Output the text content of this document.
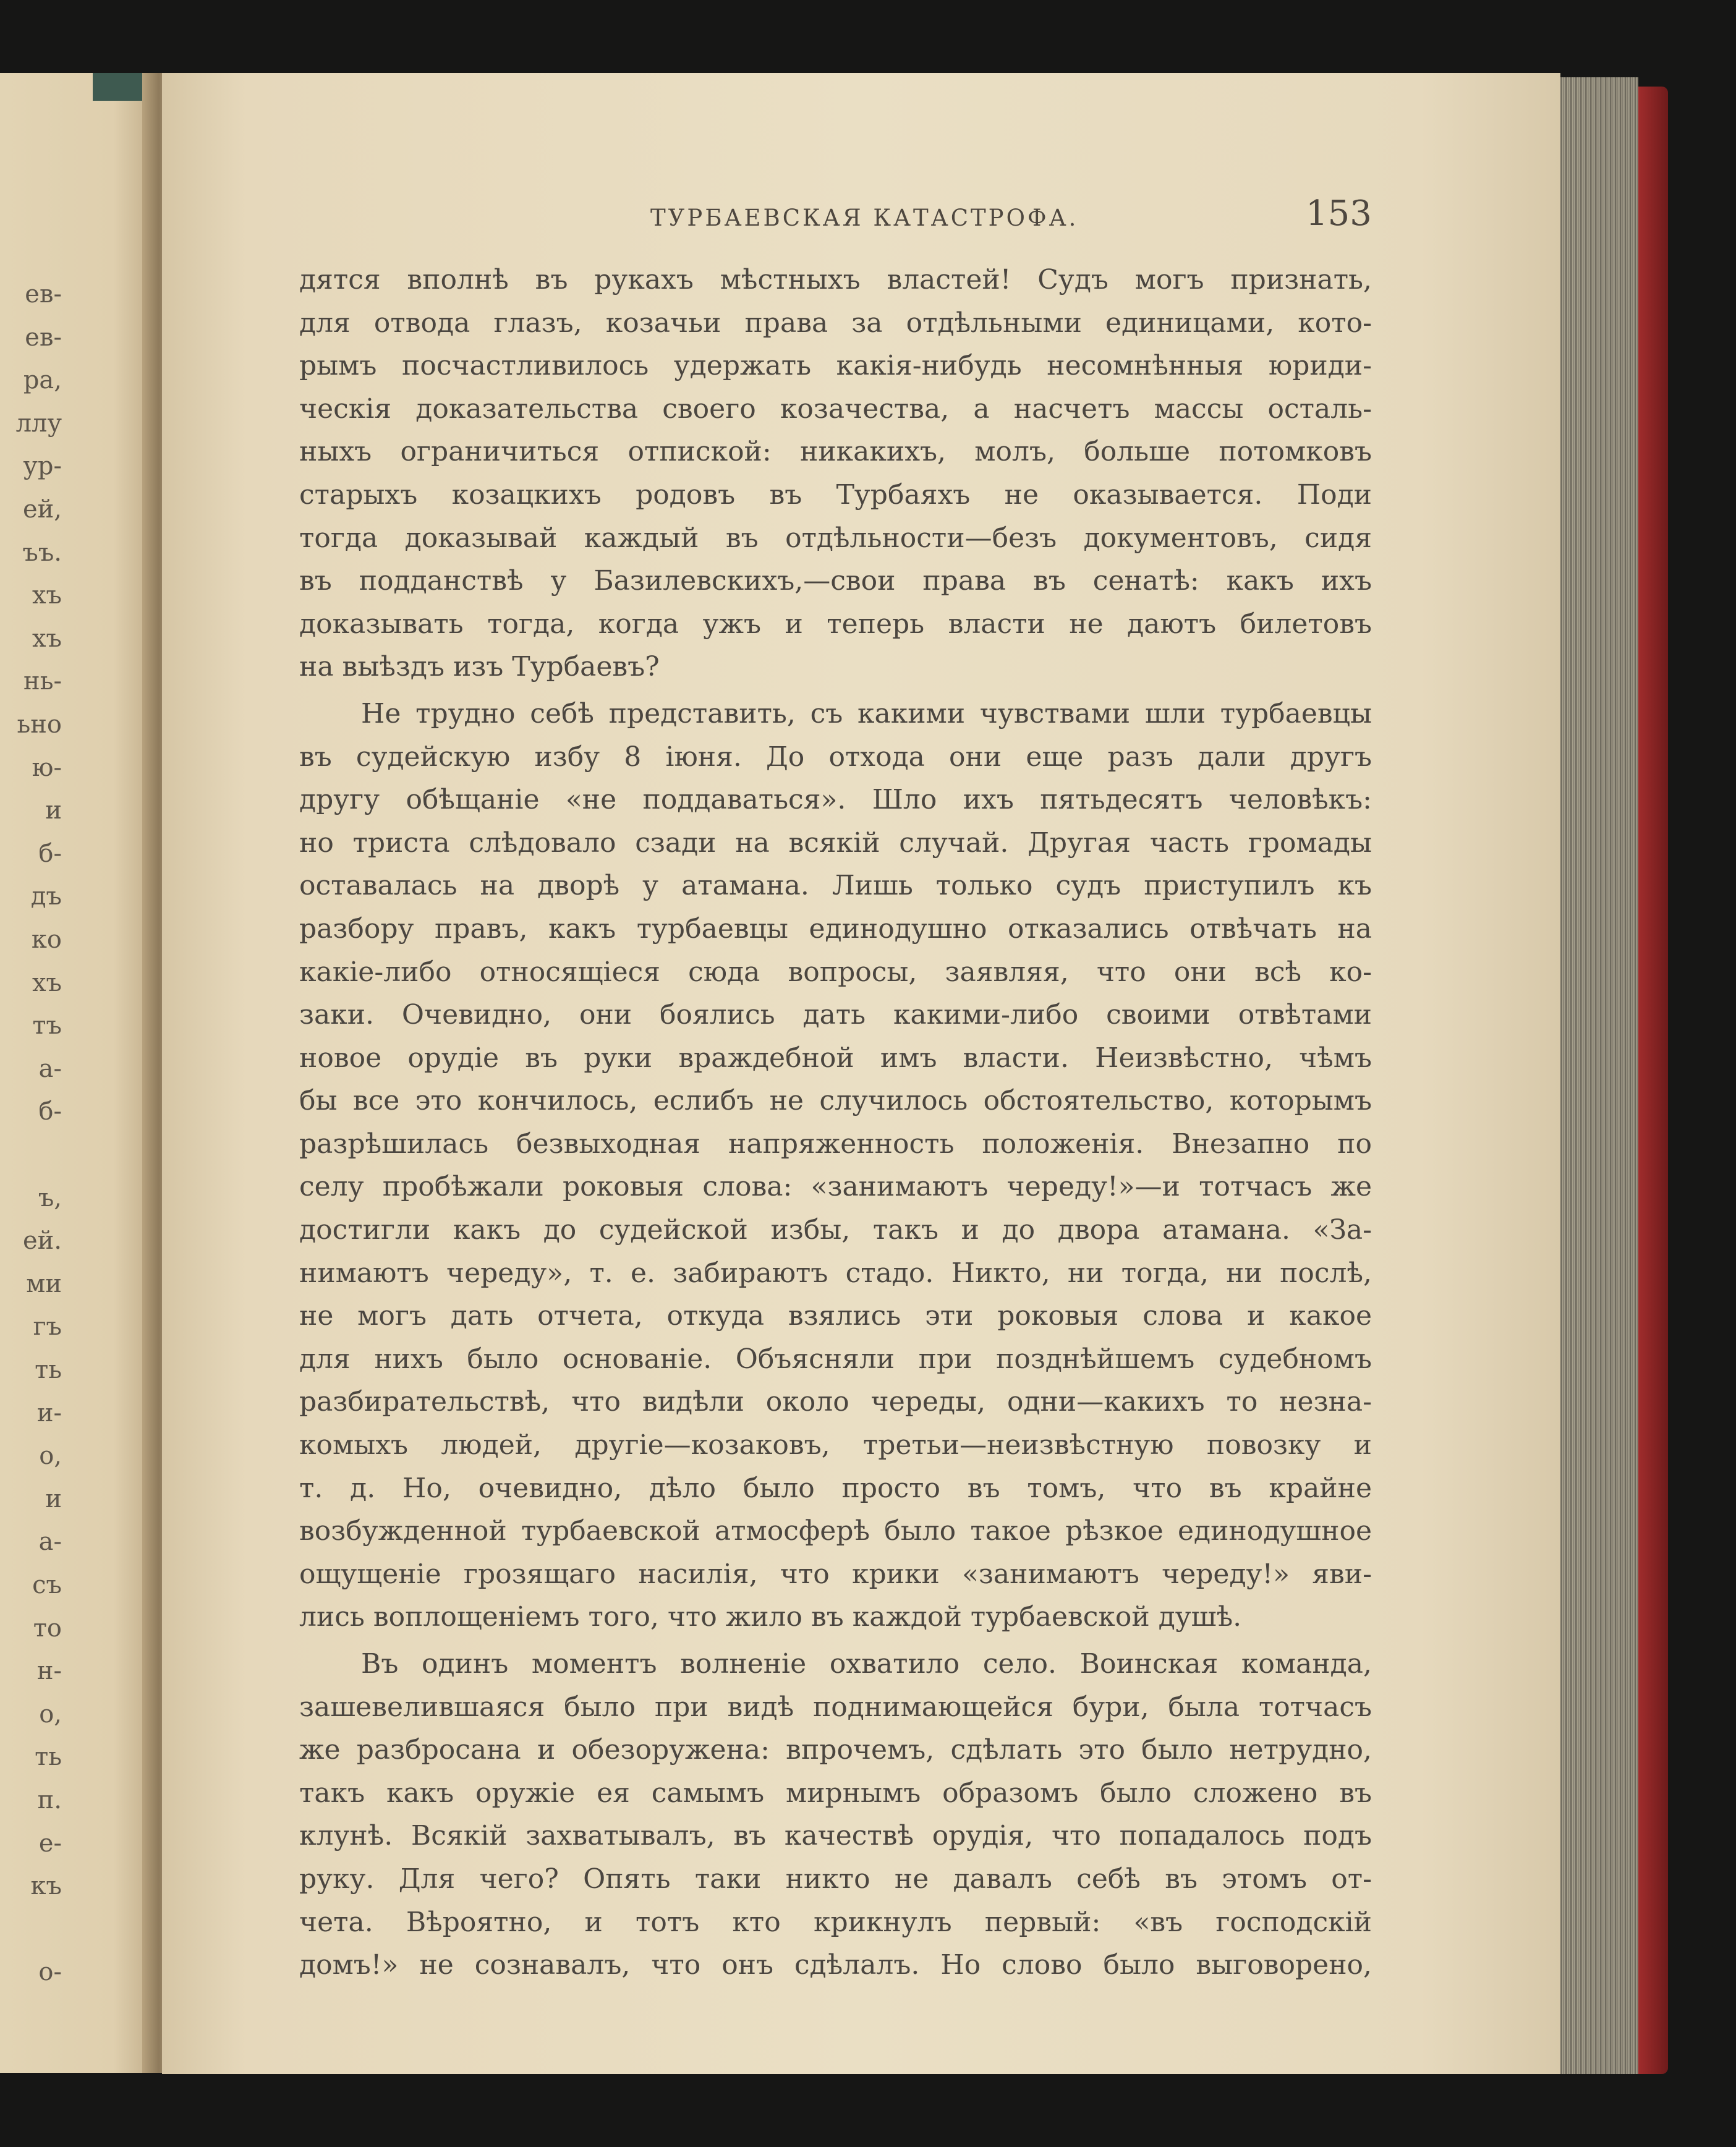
ев-
ев-
ра,
ллу
ур-
ей,
ъъ.
хъ
хъ
нь-
ьно
ю-
и
б-
дъ
ко
хъ
тъ
а-
б-
ъ,
ей.
ми
гъ
ть
и-
о,
и
а-
съ
то
н-
о,
ть
п.
е-
къ
о-
ТУРБАЕВСКАЯ КАТАСТРОФА.	153
дятся вполнѣ въ рукахъ мѣстныхъ властей! Судъ могъ признать,
для отвода глазъ, козачьи права за отдѣльными единицами, кото-
рымъ посчастливилось удержать какія-нибудь несомнѣнныя юриди-
ческія доказательства своего козачества, а насчетъ массы осталь-
ныхъ ограничиться отпиской: никакихъ, молъ, больше потомковъ
старыхъ козацкихъ родовъ въ Турбаяхъ не оказывается. Поди
тогда доказывай каждый въ отдѣльности—безъ документовъ, сидя
въ подданствѣ у Базилевскихъ,—свои права въ сенатѣ: какъ ихъ
доказывать тогда, когда ужъ и теперь власти не даютъ билетовъ
на выѣздъ изъ Турбаевъ?
Не трудно себѣ представить, съ какими чувствами шли турбаевцы
въ судейскую избу 8 іюня. До отхода они еще разъ дали другъ
другу обѣщаніе «не поддаваться». Шло ихъ пятьдесятъ человѣкъ:
но триста слѣдовало сзади на всякій случай. Другая часть громады
оставалась на дворѣ у атамана. Лишь только судъ приступилъ къ
разбору правъ, какъ турбаевцы единодушно отказались отвѣчать на
какіе-либо относящіеся сюда вопросы, заявляя, что они всѣ ко-
заки. Очевидно, они боялись дать какими-либо своими отвѣтами
новое орудіе въ руки враждебной имъ власти. Неизвѣстно, чѣмъ
бы все это кончилось, еслибъ не случилось обстоятельство, которымъ
разрѣшилась безвыходная напряженность положенія. Внезапно по
селу пробѣжали роковыя слова: «занимаютъ череду!»—и тотчасъ же
достигли какъ до судейской избы, такъ и до двора атамана. «За-
нимаютъ череду», т. е. забираютъ стадо. Никто, ни тогда, ни послѣ,
не могъ дать отчета, откуда взялись эти роковыя слова и какое
для нихъ было основаніе. Объясняли при позднѣйшемъ судебномъ
разбирательствѣ, что видѣли около череды, одни—какихъ то незна-
комыхъ людей, другіе—козаковъ, третьи—неизвѣстную повозку и
т. д. Но, очевидно, дѣло было просто въ томъ, что въ крайне
возбужденной турбаевской атмосферѣ было такое рѣзкое единодушное
ощущеніе грозящаго насилія, что крики «занимаютъ череду!» яви-
лись воплощеніемъ того, что жило въ каждой турбаевской душѣ.
Въ одинъ моментъ волненіе охватило село. Воинская команда,
зашевелившаяся было при видѣ поднимающейся бури, была тотчасъ
же разбросана и обезоружена: впрочемъ, сдѣлать это было нетрудно,
такъ какъ оружіе ея самымъ мирнымъ образомъ было сложено въ
клунѣ. Всякій захватывалъ, въ качествѣ орудія, что попадалось подъ
руку. Для чего? Опять таки никто не давалъ себѣ въ этомъ от-
чета. Вѣроятно, и тотъ кто крикнулъ первый: «въ господскій
домъ!» не сознавалъ, что онъ сдѣлалъ. Но слово было выговорено,
